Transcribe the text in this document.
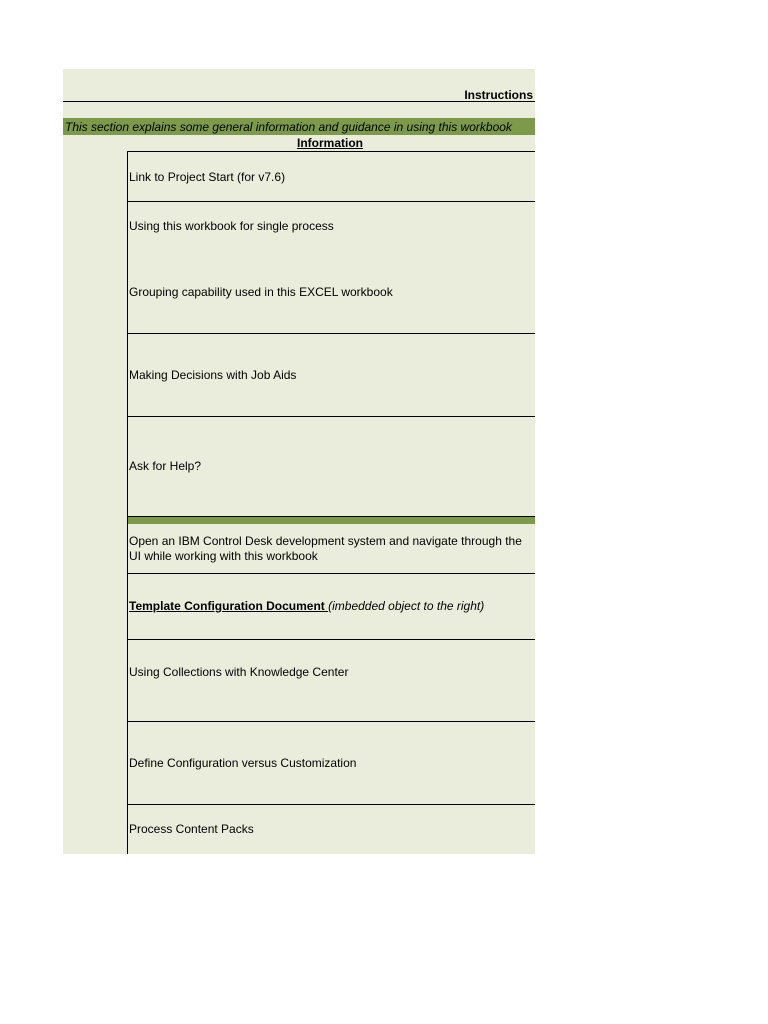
Instructions
This section explains some general information and guidance in using this workbook
Information
Link to Project Start (for v7.6)
Using this workbook for single process
Grouping capability used in this EXCEL workbook
Making Decisions with Job Aids
Ask for Help?
Open an IBM Control Desk development system and navigate through the UI while working with this workbook
Template Configuration Document (imbedded object to the right)
Using Collections with Knowledge Center
Define Configuration versus Customization
Process Content Packs
